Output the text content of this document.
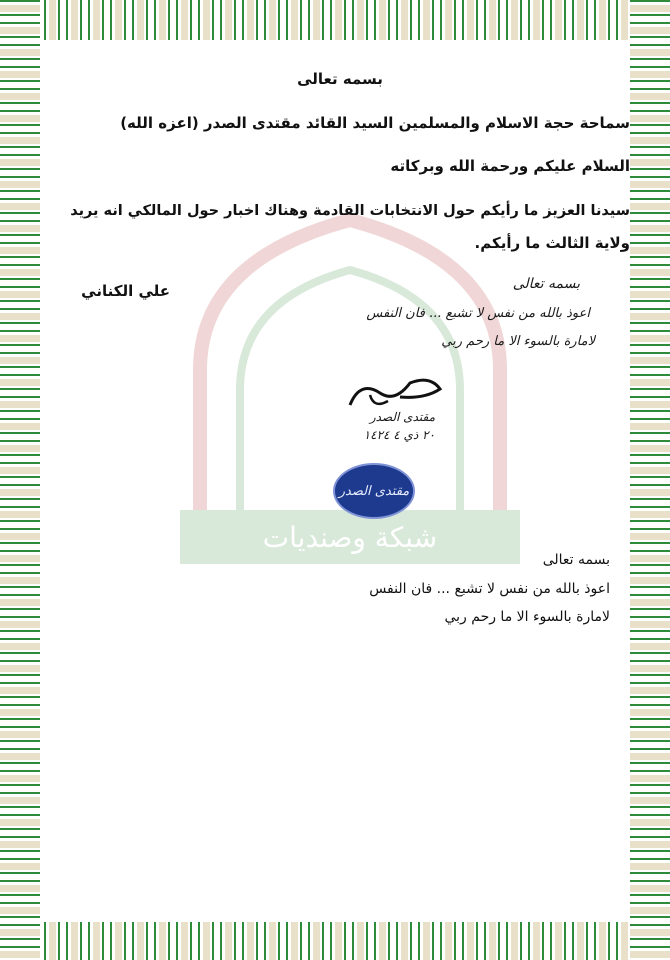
شبكة وصنديات
بسمه تعالى
سماحة حجة الاسلام والمسلمين السيد القائد مقتدى الصدر (اعزه الله)
السلام عليكم ورحمة الله وبركاته
سيدنا العزيز ما رأيكم حول الانتخابات القادمة وهناك اخبار حول المالكي انه يريد
ولاية الثالث ما رأيكم.
علي الكناني	بسمه تعالى
اعوذ بالله من نفس لا تشبع ... فان النفس
لامارة بالسوء الا ما رحم ربي
مقتدى الصدر
٢٠ ذي ٤ ١٤٢٤
مقتدى الصدر
بسمه تعالى
اعوذ بالله من نفس لا تشبع ... فان النفس
لامارة بالسوء الا ما رحم ربي
